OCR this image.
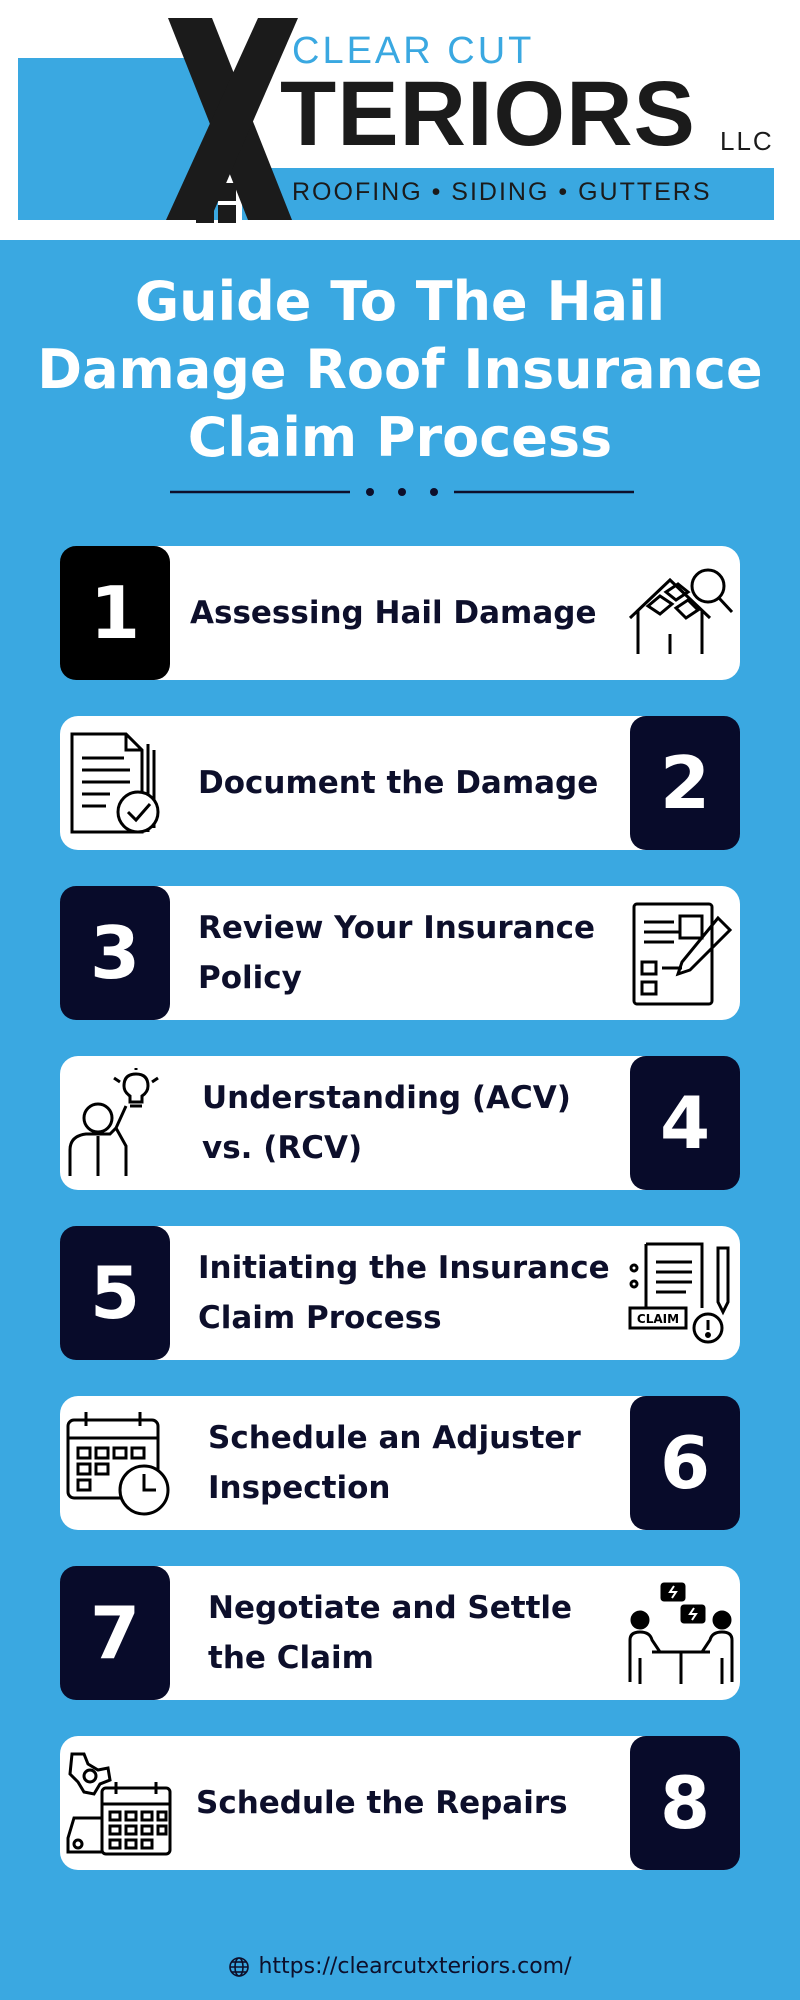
CLEAR CUT
TERIORS LLC
ROOFING • SIDING • GUTTERS
Guide To The Hail Damage Roof Insurance Claim Process
1	Assessing Hail Damage
Document the Damage 2
3	Review Your Insurance Policy
Understanding (ACV) vs. (RCV)	4
5	Initiating the Insurance Claim Process	CLAIM
Schedule an Adjuster Inspection	6
7	Negotiate and Settle the Claim
Schedule the Repairs	8
https://clearcutxteriors.com/
